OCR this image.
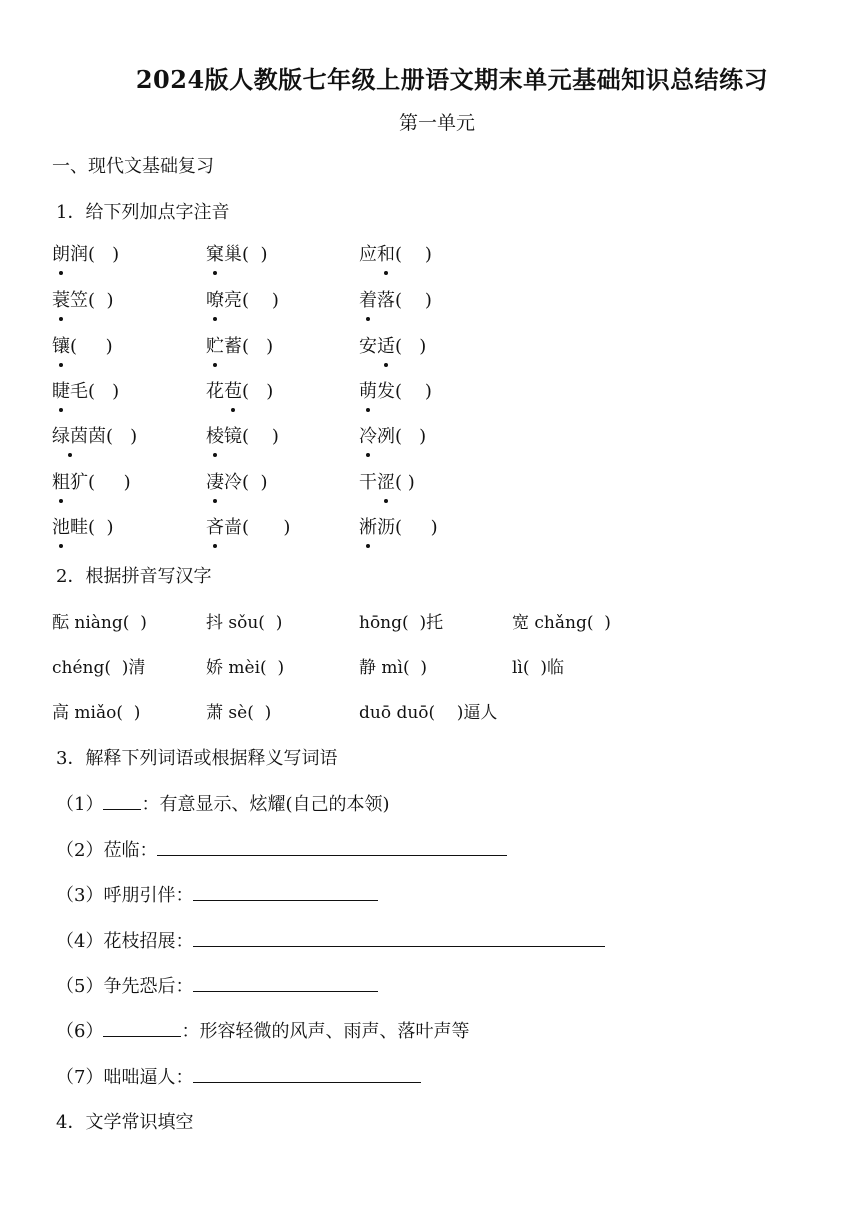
2024版人教版七年级上册语文期末单元基础知识总结练习
第一单元
一、现代文基础复习
1．给下列加点字注音
朗润(   )	窠巢(  )	应和(    )
蓑笠(  )	嘹亮(    )	着落(    )
镶(     )	贮蓄(   )	安适(   )
睫毛(   )	花苞(   )	萌发(    )
绿茵茵(   )	棱镜(    )	冷冽(   )
粗犷(     )	凄冷(  )	干涩( )
池畦(  )	吝啬(      )	淅沥(     )
2．根据拼音写汉字
酝 niàng(  )	抖 sǒu(  )	hōng(  )托	宽 chǎng(  )
chéng(  )清	娇 mèi(  )	静 mì(  )	lì(  )临
高 miǎo(  )	萧 sè(  )	duō duō(    )逼人
3．解释下列词语或根据释义写词语
（1） ：有意显示、炫耀(自己的本领)
（2）莅临：
（3）呼朋引伴：
（4）花枝招展：
（5）争先恐后：
（6）	：形容轻微的风声、雨声、落叶声等
（7）咄咄逼人：
4．文学常识填空
